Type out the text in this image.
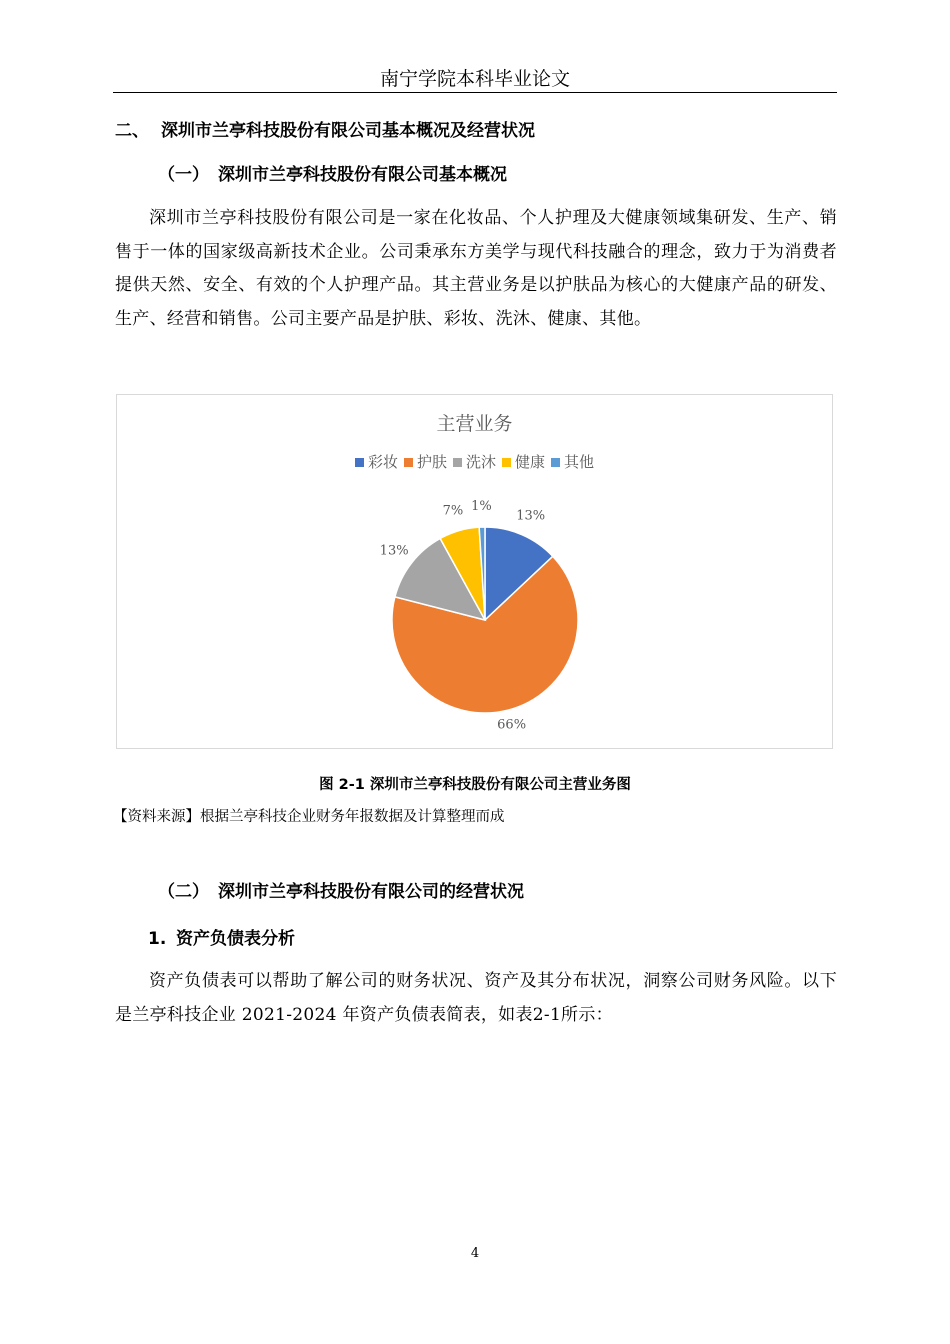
南宁学院本科毕业论文
二、 深圳市兰亭科技股份有限公司基本概况及经营状况
（一） 深圳市兰亭科技股份有限公司基本概况
深圳市兰亭科技股份有限公司是一家在化妆品、个人护理及大健康领域集研发、生产、销售于一体的国家级高新技术企业。公司秉承东方美学与现代科技融合的理念，致力于为消费者提供天然、安全、有效的个人护理产品。其主营业务是以护肤品为核心的大健康产品的研发、生产、经营和销售。公司主要产品是护肤、彩妆、洗沐、健康、其他。
主营业务
彩妆 护肤 洗沐 健康 其他
13%
66%
13%
7% 1%
图 2-1 深圳市兰亭科技股份有限公司主营业务图
【资料来源】根据兰亭科技企业财务年报数据及计算整理而成
（二） 深圳市兰亭科技股份有限公司的经营状况
1. 资产负债表分析
资产负债表可以帮助了解公司的财务状况、资产及其分布状况，洞察公司财务风险。以下是兰亭科技企业 2021-2024 年资产负债表简表，如表2-1所示：
4
